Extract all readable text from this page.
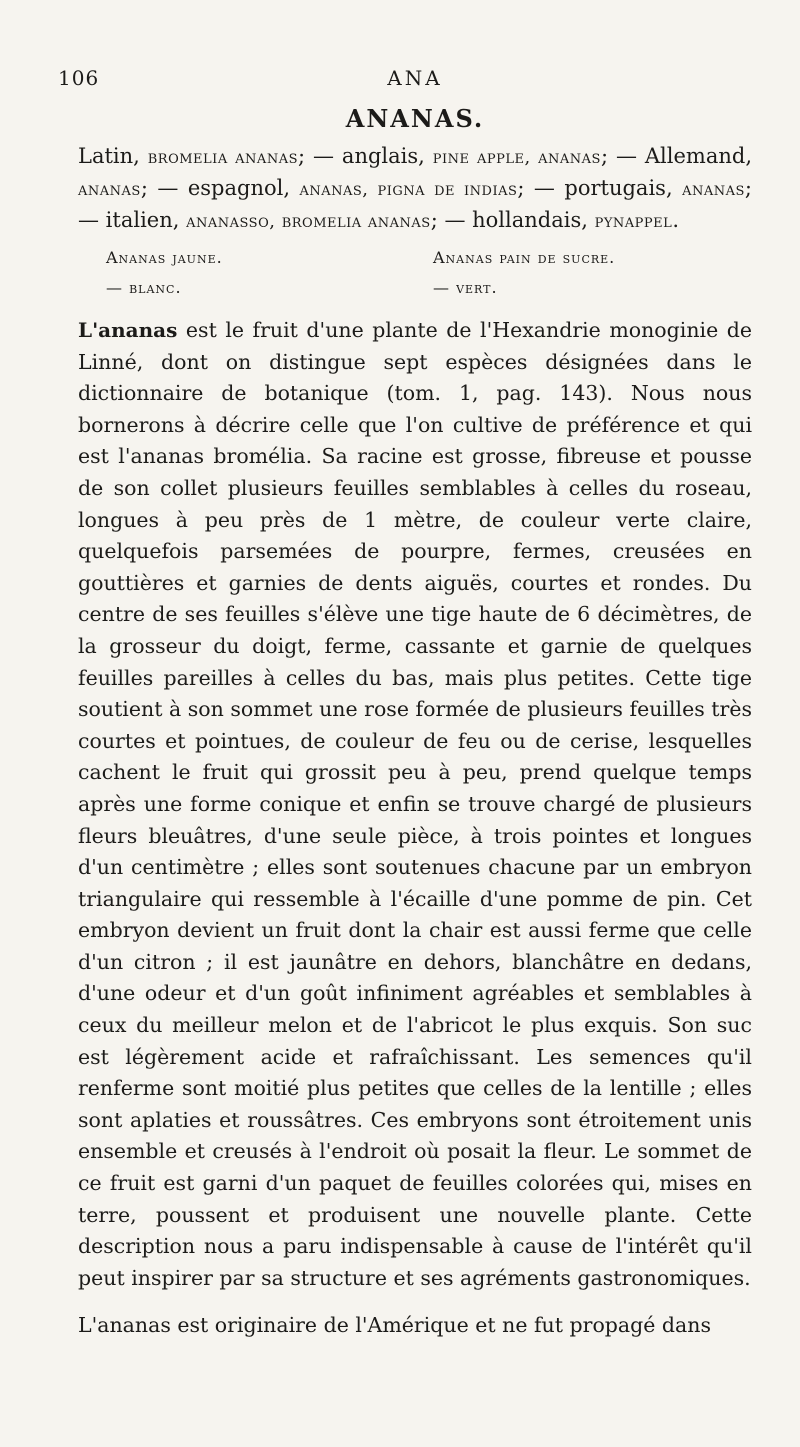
106	ANA
ANANAS.

Latin, bromelia ananas; — anglais, pine apple, ananas; — Allemand, ananas; — espagnol, ananas, pigna de indias; — portugais, ananas; — italien, ananasso, bromelia ananas; — hollandais, pynappel.

Ananas jaune.	Ananas pain de sucre.
— blanc.	— vert.

L'ananas est le fruit d'une plante de l'Hexandrie monoginie de Linné, dont on distingue sept espèces désignées dans le dictionnaire de botanique (tom. 1, pag. 143). Nous nous bornerons à décrire celle que l'on cultive de préférence et qui est l'ananas bromélia. Sa racine est grosse, fibreuse et pousse de son collet plusieurs feuilles semblables à celles du roseau, longues à peu près de 1 mètre, de couleur verte claire, quelquefois parsemées de pourpre, fermes, creusées en gouttières et garnies de dents aiguës, courtes et rondes. Du centre de ses feuilles s'élève une tige haute de 6 décimètres, de la grosseur du doigt, ferme, cassante et garnie de quelques feuilles pareilles à celles du bas, mais plus petites. Cette tige soutient à son sommet une rose formée de plusieurs feuilles très courtes et pointues, de couleur de feu ou de cerise, lesquelles cachent le fruit qui grossit peu à peu, prend quelque temps après une forme conique et enfin se trouve chargé de plusieurs fleurs bleuâtres, d'une seule pièce, à trois pointes et longues d'un centimètre ; elles sont soutenues chacune par un embryon triangulaire qui ressemble à l'écaille d'une pomme de pin. Cet embryon devient un fruit dont la chair est aussi ferme que celle d'un citron ; il est jaunâtre en dehors, blanchâtre en dedans, d'une odeur et d'un goût infiniment agréables et semblables à ceux du meilleur melon et de l'abricot le plus exquis. Son suc est légèrement acide et rafraîchissant. Les semences qu'il renferme sont moitié plus petites que celles de la lentille ; elles sont aplaties et roussâtres. Ces embryons sont étroitement unis ensemble et creusés à l'endroit où posait la fleur. Le sommet de ce fruit est garni d'un paquet de feuilles colorées qui, mises en terre, poussent et produisent une nouvelle plante. Cette description nous a paru indispensable à cause de l'intérêt qu'il peut inspirer par sa structure et ses agréments gastronomiques.

L'ananas est originaire de l'Amérique et ne fut propagé dans
